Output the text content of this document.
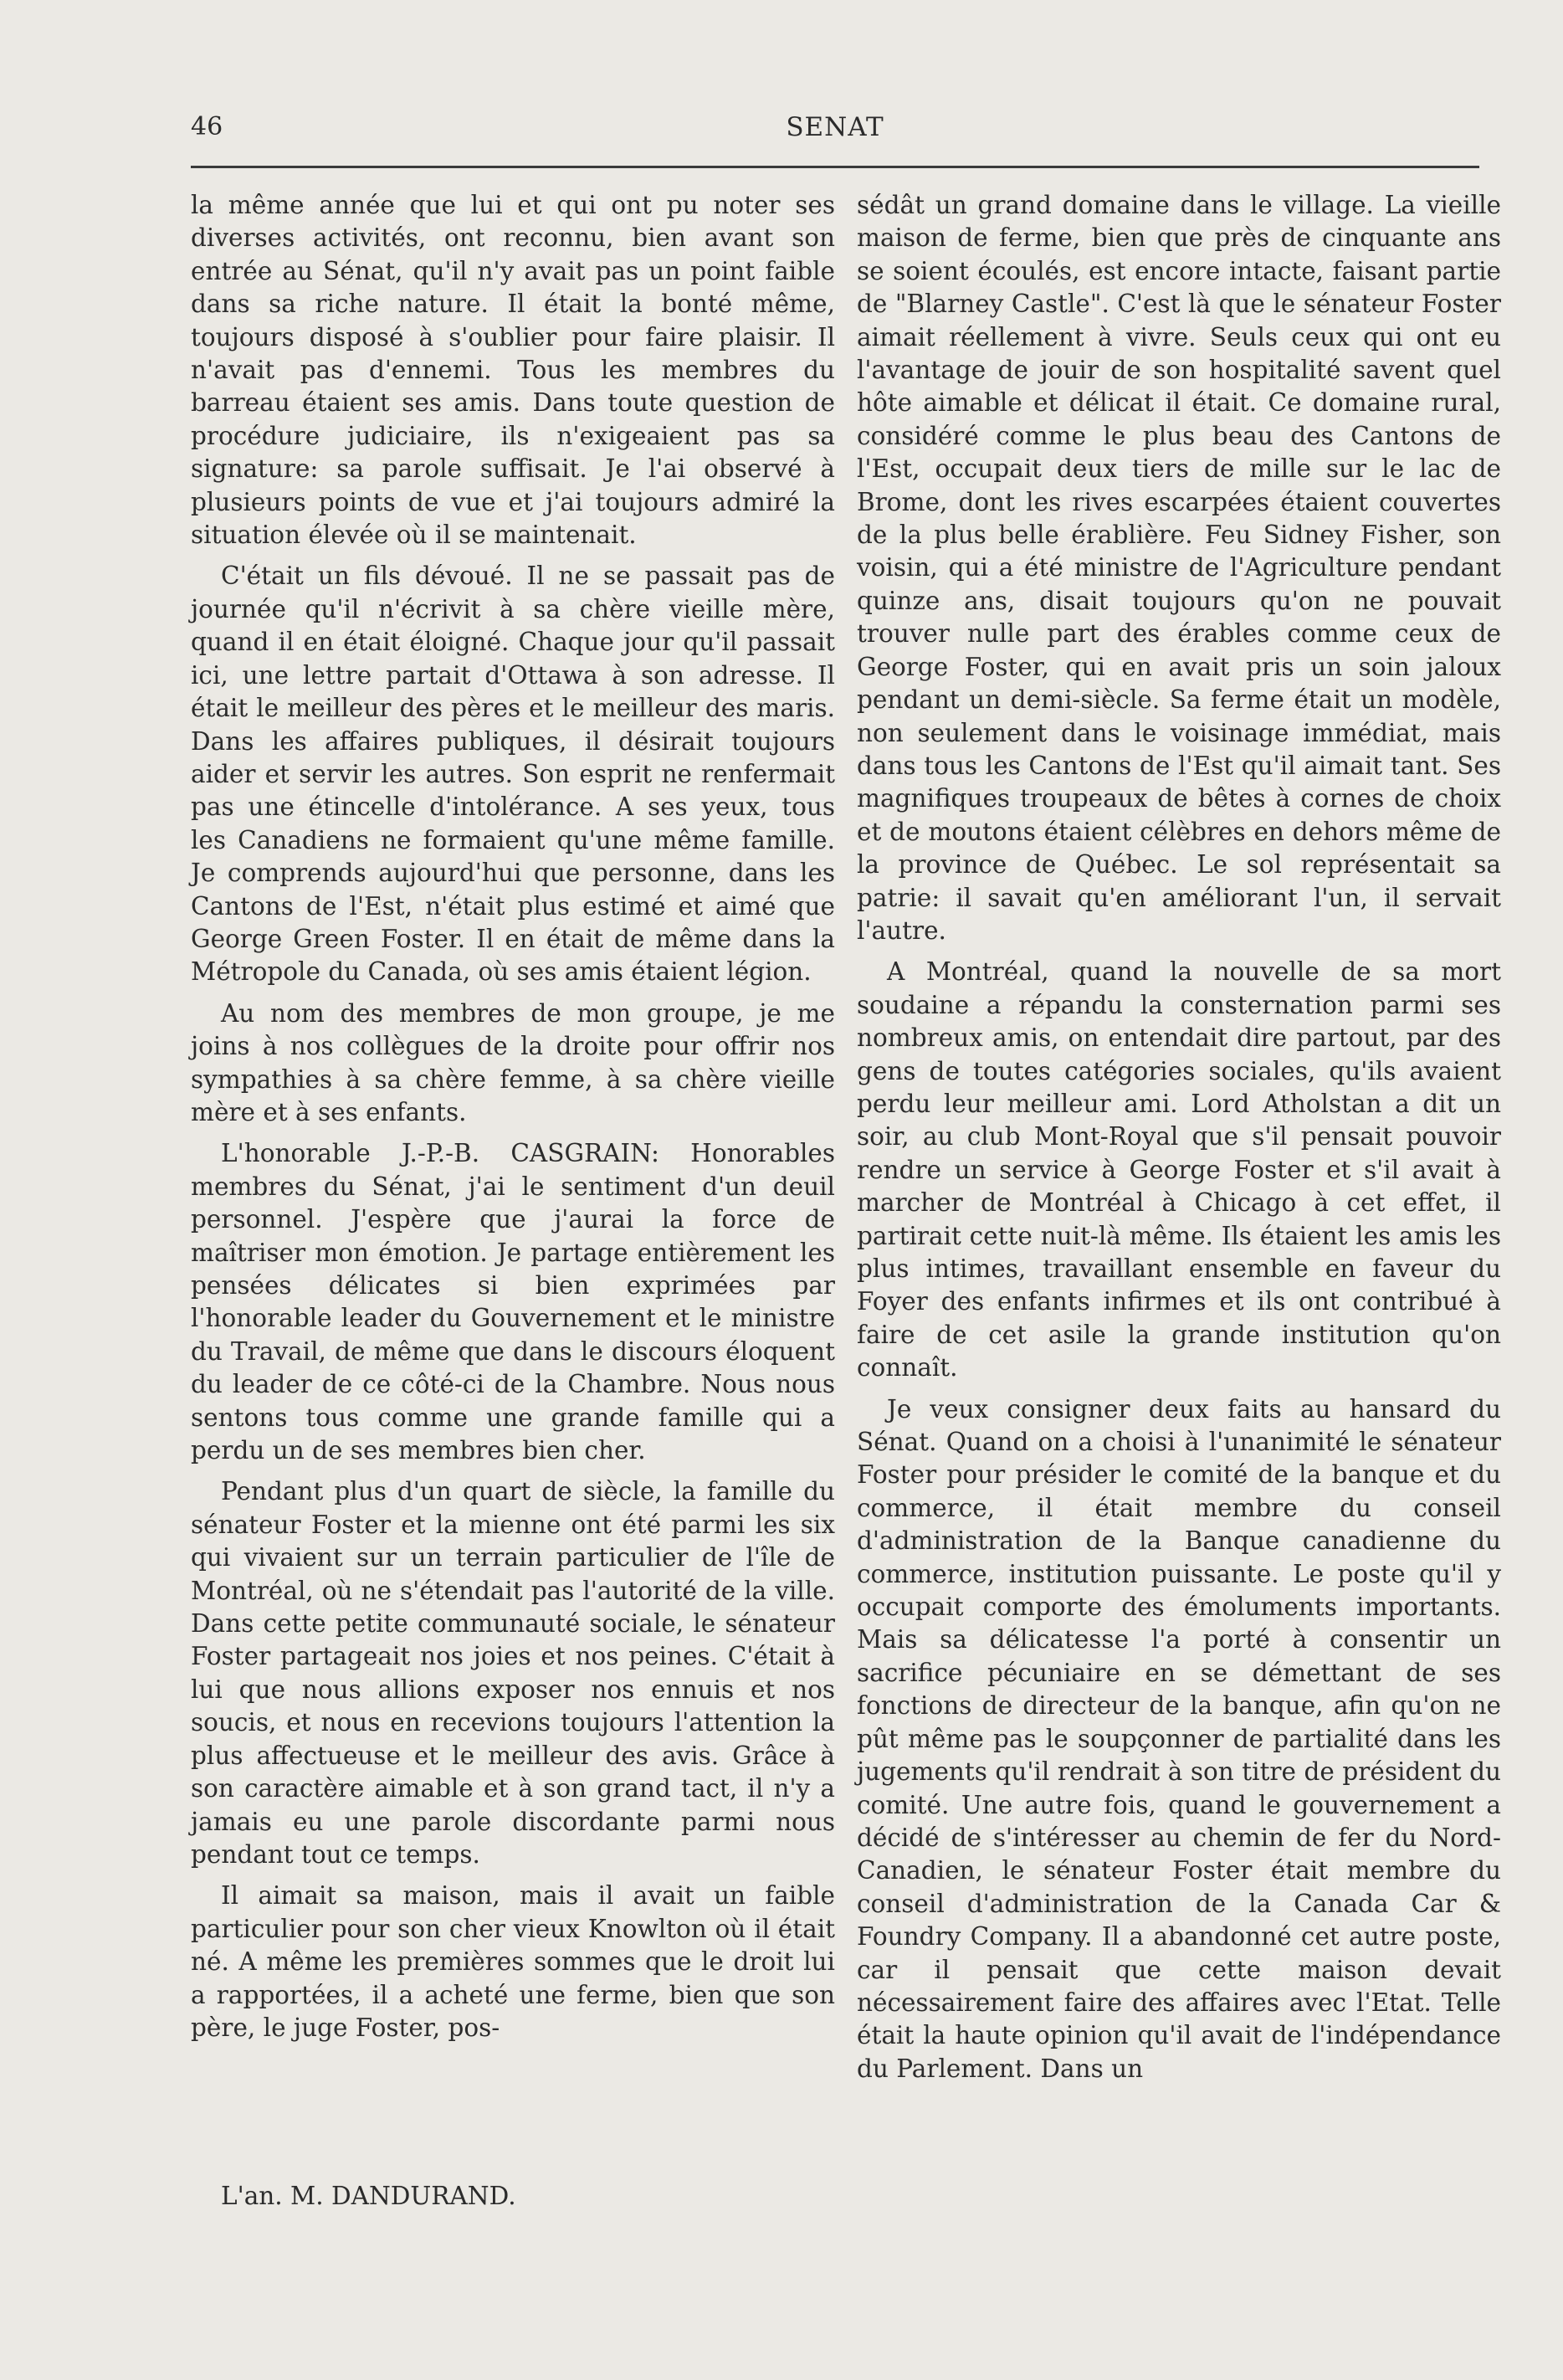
46	SENAT

la même année que lui et qui ont pu noter ses diverses activités, ont reconnu, bien avant son entrée au Sénat, qu'il n'y avait pas un point faible dans sa riche nature. Il était la bonté même, toujours disposé à s'oublier pour faire plaisir. Il n'avait pas d'ennemi. Tous les membres du barreau étaient ses amis. Dans toute question de procédure judiciaire, ils n'exigeaient pas sa signature: sa parole suffisait. Je l'ai observé à plusieurs points de vue et j'ai toujours admiré la situation élevée où il se maintenait.

C'était un fils dévoué. Il ne se passait pas de journée qu'il n'écrivit à sa chère vieille mère, quand il en était éloigné. Chaque jour qu'il passait ici, une lettre partait d'Ottawa à son adresse. Il était le meilleur des pères et le meilleur des maris. Dans les affaires publiques, il désirait toujours aider et servir les autres. Son esprit ne renfermait pas une étincelle d'intolérance. A ses yeux, tous les Canadiens ne formaient qu'une même famille. Je comprends aujourd'hui que personne, dans les Cantons de l'Est, n'était plus estimé et aimé que George Green Foster. Il en était de même dans la Métropole du Canada, où ses amis étaient légion.

Au nom des membres de mon groupe, je me joins à nos collègues de la droite pour offrir nos sympathies à sa chère femme, à sa chère vieille mère et à ses enfants.

L'honorable J.-P.-B. CASGRAIN: Honorables membres du Sénat, j'ai le sentiment d'un deuil personnel. J'espère que j'aurai la force de maîtriser mon émotion. Je partage entièrement les pensées délicates si bien exprimées par l'honorable leader du Gouvernement et le ministre du Travail, de même que dans le discours éloquent du leader de ce côté-ci de la Chambre. Nous nous sentons tous comme une grande famille qui a perdu un de ses membres bien cher.

Pendant plus d'un quart de siècle, la famille du sénateur Foster et la mienne ont été parmi les six qui vivaient sur un terrain particulier de l'île de Montréal, où ne s'étendait pas l'autorité de la ville. Dans cette petite communauté sociale, le sénateur Foster partageait nos joies et nos peines. C'était à lui que nous allions exposer nos ennuis et nos soucis, et nous en recevions toujours l'attention la plus affectueuse et le meilleur des avis. Grâce à son caractère aimable et à son grand tact, il n'y a jamais eu une parole discordante parmi nous pendant tout ce temps.

Il aimait sa maison, mais il avait un faible particulier pour son cher vieux Knowlton où il était né. A même les premières sommes que le droit lui a rapportées, il a acheté une ferme, bien que son père, le juge Foster, pos-

L'an. M. DANDURAND.

sédât un grand domaine dans le village. La vieille maison de ferme, bien que près de cinquante ans se soient écoulés, est encore intacte, faisant partie de "Blarney Castle". C'est là que le sénateur Foster aimait réellement à vivre. Seuls ceux qui ont eu l'avantage de jouir de son hospitalité savent quel hôte aimable et délicat il était. Ce domaine rural, considéré comme le plus beau des Cantons de l'Est, occupait deux tiers de mille sur le lac de Brome, dont les rives escarpées étaient couvertes de la plus belle érablière. Feu Sidney Fisher, son voisin, qui a été ministre de l'Agriculture pendant quinze ans, disait toujours qu'on ne pouvait trouver nulle part des érables comme ceux de George Foster, qui en avait pris un soin jaloux pendant un demi-siècle. Sa ferme était un modèle, non seulement dans le voisinage immédiat, mais dans tous les Cantons de l'Est qu'il aimait tant. Ses magnifiques troupeaux de bêtes à cornes de choix et de moutons étaient célèbres en dehors même de la province de Québec. Le sol représentait sa patrie: il savait qu'en améliorant l'un, il servait l'autre.

A Montréal, quand la nouvelle de sa mort soudaine a répandu la consternation parmi ses nombreux amis, on entendait dire partout, par des gens de toutes catégories sociales, qu'ils avaient perdu leur meilleur ami. Lord Atholstan a dit un soir, au club Mont-Royal que s'il pensait pouvoir rendre un service à George Foster et s'il avait à marcher de Montréal à Chicago à cet effet, il partirait cette nuit-là même. Ils étaient les amis les plus intimes, travaillant ensemble en faveur du Foyer des enfants infirmes et ils ont contribué à faire de cet asile la grande institution qu'on connaît.

Je veux consigner deux faits au hansard du Sénat. Quand on a choisi à l'unanimité le sénateur Foster pour présider le comité de la banque et du commerce, il était membre du conseil d'administration de la Banque canadienne du commerce, institution puissante. Le poste qu'il y occupait comporte des émoluments importants. Mais sa délicatesse l'a porté à consentir un sacrifice pécuniaire en se démettant de ses fonctions de directeur de la banque, afin qu'on ne pût même pas le soupçonner de partialité dans les jugements qu'il rendrait à son titre de président du comité. Une autre fois, quand le gouvernement a décidé de s'intéresser au chemin de fer du Nord-Canadien, le sénateur Foster était membre du conseil d'administration de la Canada Car & Foundry Company. Il a abandonné cet autre poste, car il pensait que cette maison devait nécessairement faire des affaires avec l'Etat. Telle était la haute opinion qu'il avait de l'indépendance du Parlement. Dans un
